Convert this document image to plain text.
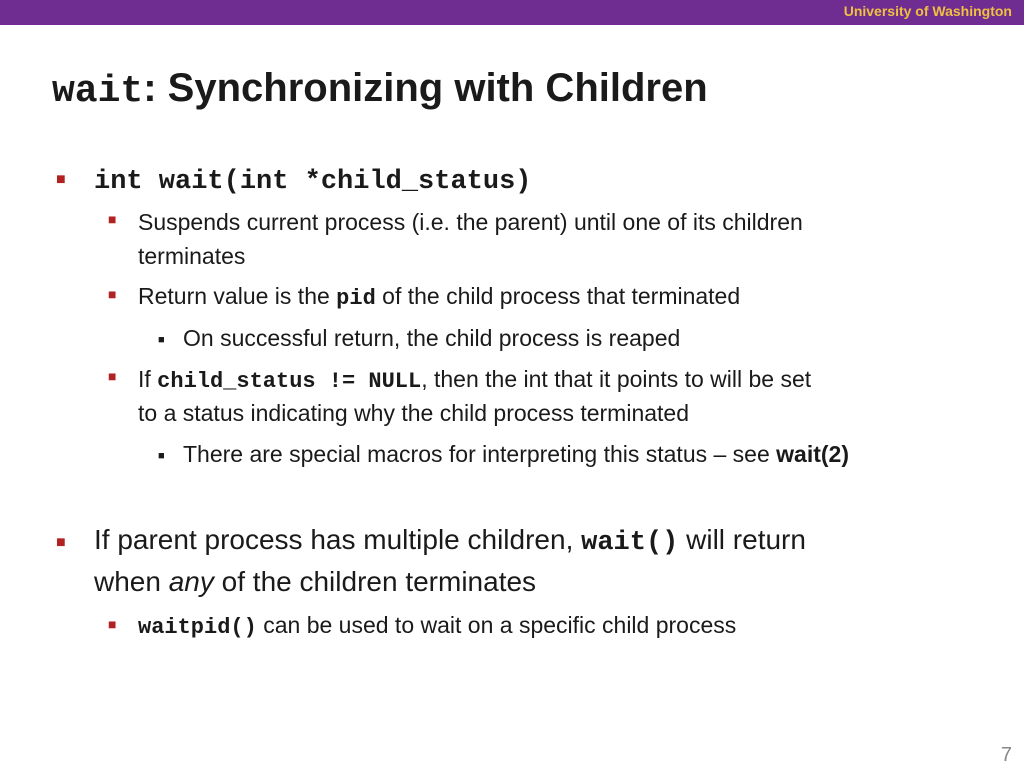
University of Washington
wait: Synchronizing with Children
■ int wait(int *child_status)
■ Suspends current process (i.e. the parent) until one of its children
terminates
■ Return value is the pid of the child process that terminated
■ On successful return, the child process is reaped
■ If child_status != NULL, then the int that it points to will be set
to a status indicating why the child process terminated
■ There are special macros for interpreting this status – see wait(2)
■ If parent process has multiple children, wait() will return
when any of the children terminates
■ waitpid() can be used to wait on a specific child process
7
